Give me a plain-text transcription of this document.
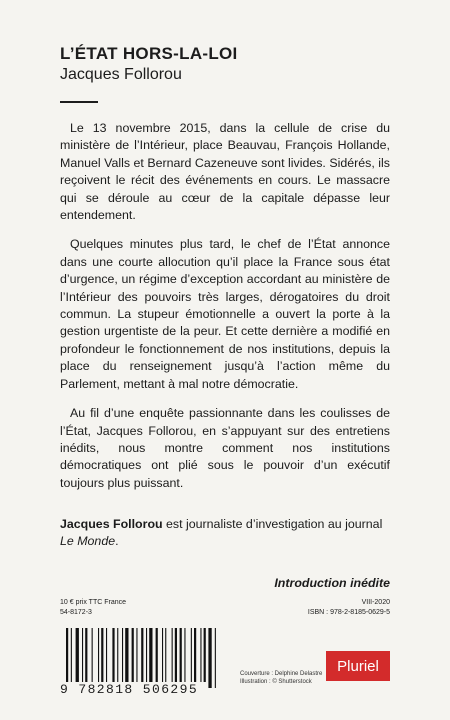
L’ÉTAT HORS-LA-LOI
Jacques Follorou

Le 13 novembre 2015, dans la cellule de crise du ministère de l’Intérieur, place Beauvau, François Hollande, Manuel Valls et Bernard Cazeneuve sont livides. Sidérés, ils reçoivent le récit des événements en cours. Le massacre qui se déroule au cœur de la capitale dépasse leur entendement.

Quelques minutes plus tard, le chef de l’État annonce dans une courte allocution qu’il place la France sous état d’urgence, un régime d’exception accordant au ministère de l’Intérieur des pouvoirs très larges, dérogatoires du droit commun. La stupeur émotionnelle a ouvert la porte à la gestion urgentiste de la peur. Et cette dernière a modifié en profondeur le fonctionnement de nos institutions, depuis la place du renseignement jusqu’à l’action même du Parlement, mettant à mal notre démocratie.

Au fil d’une enquête passionnante dans les coulisses de l’État, Jacques Follorou, en s’appuyant sur des entretiens inédits, nous montre comment nos institutions démocratiques ont plié sous le pouvoir d’un exécutif toujours plus puissant.

Jacques Follorou est journaliste d’investigation au journal Le Monde.
Introduction inédite
10 € prix TTC France
54-8172-3
VIII-2020
ISBN : 978-2-8185-0629-5
9 782818 506295
Couverture : Delphine Delastre
Illustration : © Shutterstock
Pluriel
